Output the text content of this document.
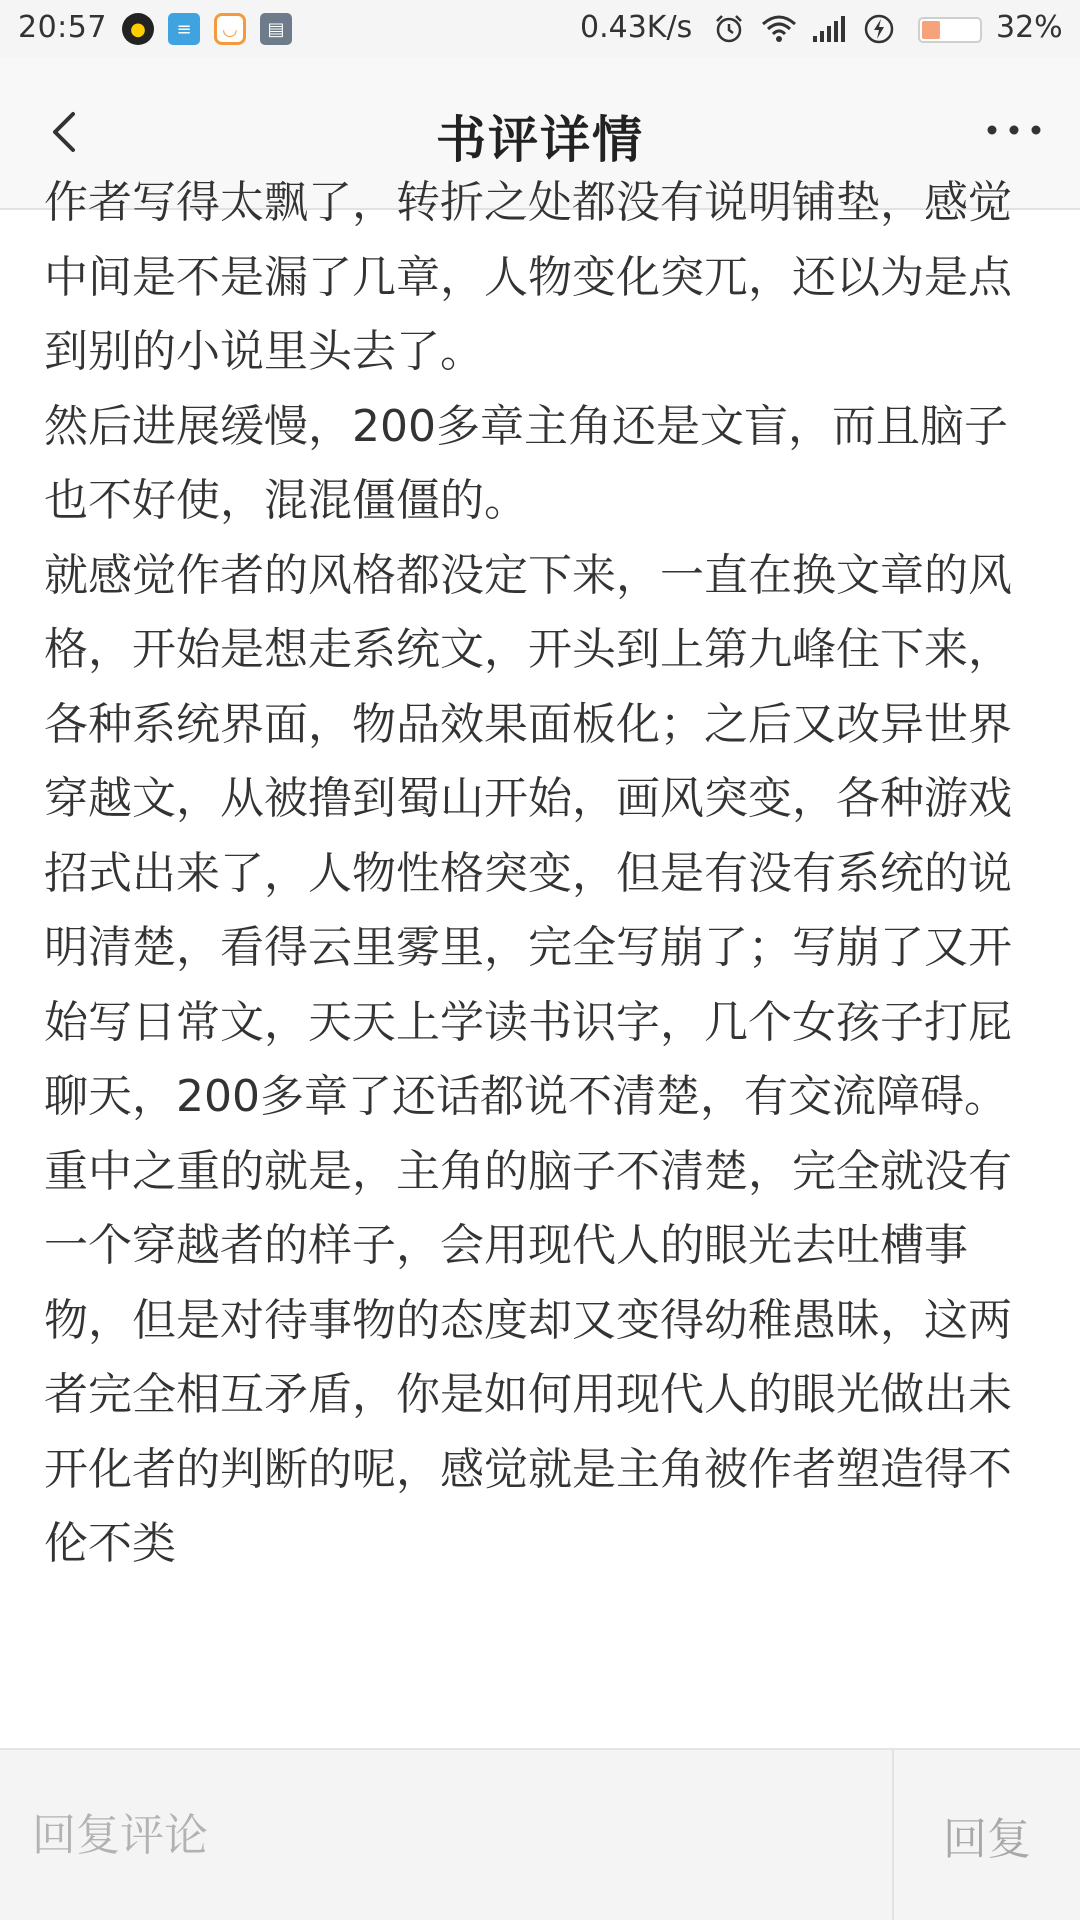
20:57	●	≡	◡	▤	0.43K/s	32%
书评详情

作者写得太飘了，转折之处都没有说明铺垫，感觉中间是不是漏了几章，人物变化突兀，还以为是点到别的小说里头去了。

然后进展缓慢，200多章主角还是文盲，而且脑子也不好使，混混僵僵的。

就感觉作者的风格都没定下来，一直在换文章的风格，开始是想走系统文，开头到上第九峰住下来，各种系统界面，物品效果面板化；之后又改异世界穿越文，从被撸到蜀山开始，画风突变，各种游戏招式出来了，人物性格突变，但是有没有系统的说明清楚，看得云里雾里，完全写崩了；写崩了又开始写日常文，天天上学读书识字，几个女孩子打屁聊天，200多章了还话都说不清楚，有交流障碍。

重中之重的就是，主角的脑子不清楚，完全就没有一个穿越者的样子，会用现代人的眼光去吐槽事物，但是对待事物的态度却又变得幼稚愚昧，这两者完全相互矛盾，你是如何用现代人的眼光做出未开化者的判断的呢，感觉就是主角被作者塑造得不伦不类

回复评论
回复
